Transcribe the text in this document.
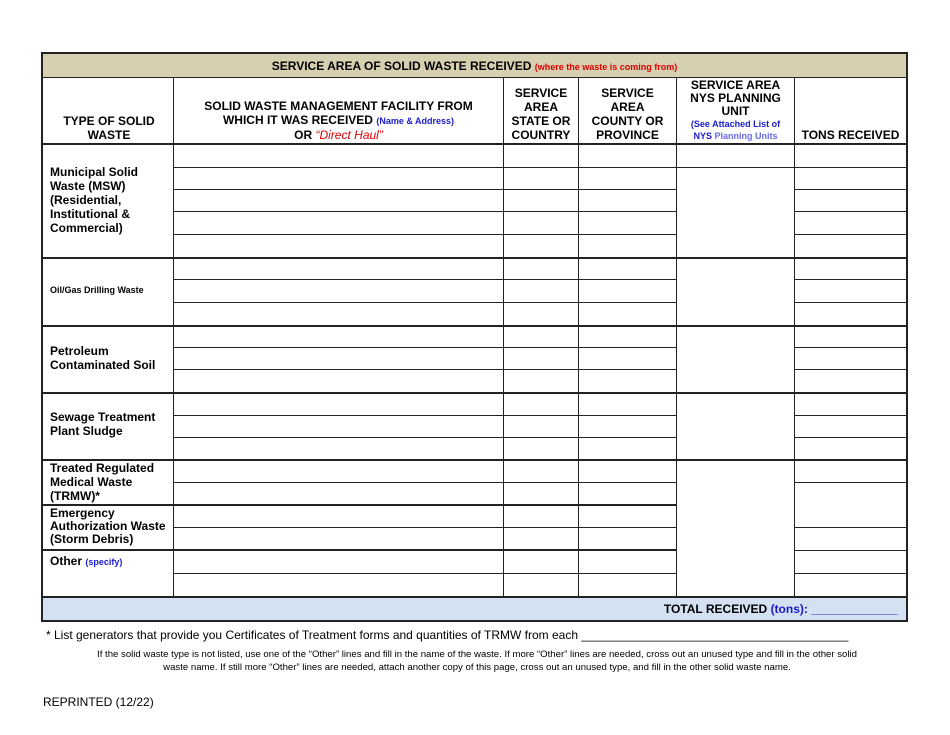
SERVICE AREA OF SOLID WASTE RECEIVED (where the waste is coming from)
TYPE OF SOLID
WASTE
SOLID WASTE MANAGEMENT FACILITY FROM
WHICH IT WAS RECEIVED (Name & Address)
OR “Direct Haul”
SERVICE
AREA
STATE OR
COUNTRY
SERVICE
AREA
COUNTY OR
PROVINCE
SERVICE AREA
NYS PLANNING
UNIT
(See Attached List of
NYS Planning Units TONS RECEIVED
Municipal Solid
Waste (MSW)
(Residential,
Institutional &
Commercial)
Oil/Gas Drilling Waste
Petroleum
Contaminated Soil
Sewage Treatment
Plant Sludge
Treated Regulated
Medical Waste
(TRMW)*
Emergency
Authorization Waste
(Storm Debris)
Other (specify)
TOTAL RECEIVED (tons): _____________
* List generators that provide you Certificates of Treatment forms and quantities of TRMW from each ________________________________________
If the solid waste type is not listed, use one of the “Other” lines and fill in the name of the waste. If more “Other” lines are needed, cross out an unused type and fill in the other solid
waste name. If still more “Other” lines are needed, attach another copy of this page, cross out an unused type, and fill in the other solid waste name.
REPRINTED (12/22)
